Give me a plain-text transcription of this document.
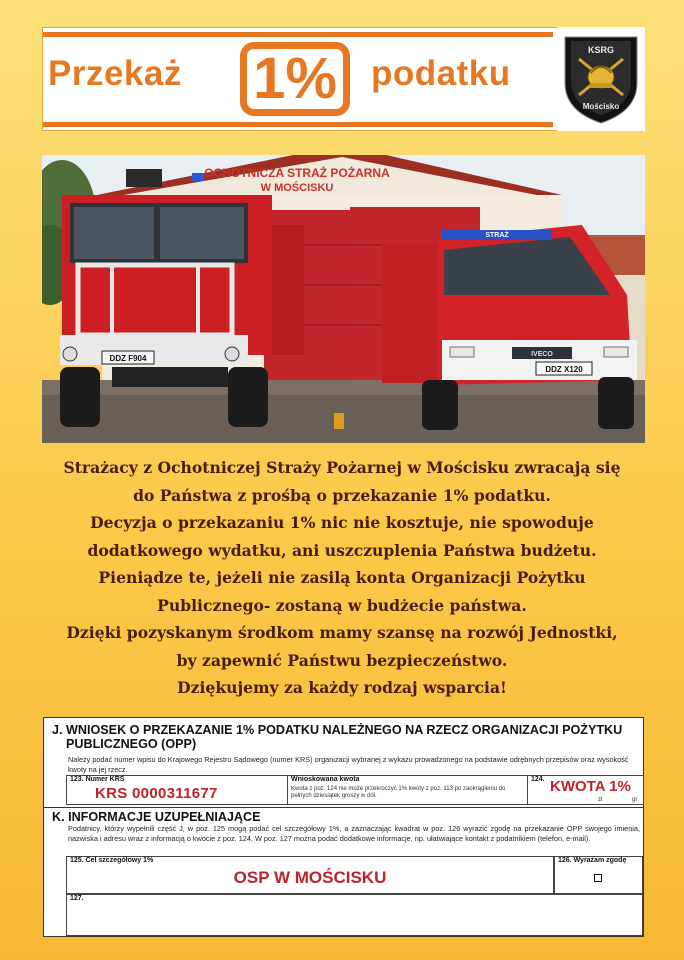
Przekaż 1% podatku
KSRG
Mościsko
OCHOTNICZA STRAŻ POŻARNA
W MOŚCISKU
DDZ F904
STRAŻ
IVECO
DDZ X120
Strażacy z Ochotniczej Straży Pożarnej w Mościsku zwracają się
do Państwa z prośbą o przekazanie 1% podatku.
Decyzja o przekazaniu 1% nic nie kosztuje, nie spowoduje
dodatkowego wydatku, ani uszczuplenia Państwa budżetu.
Pieniądze te, jeżeli nie zasilą konta Organizacji Pożytku
Publicznego- zostaną w budżecie państwa.
Dzięki pozyskanym środkom mamy szansę na rozwój Jednostki,
by zapewnić Państwu bezpieczeństwo.
Dziękujemy za każdy rodzaj wsparcia!
J. WNIOSEK O PRZEKAZANIE 1% PODATKU NALEŻNEGO NA RZECZ ORGANIZACJI POŻYTKU
PUBLICZNEGO (OPP)
Należy podać numer wpisu do Krajowego Rejestru Sądowego (numer KRS) organizacji wybranej z wykazu prowadzonego na podstawie odrębnych przepisów oraz wysokość kwoty na jej rzecz.
123. Numer KRS
KRS 0000311677
Wnioskowana kwota
Kwota z poz. 124 nie może przekroczyć 1% kwoty z poz. 113 po zaokrągleniu do pełnych dziesiątek groszy w dół.
124. KWOTA 1%
zł	gr
K. INFORMACJE UZUPEŁNIAJĄCE
Podatnicy, którzy wypełnili część J, w poz. 125 mogą podać cel szczegółowy 1%, a zaznaczając kwadrat w poz. 126 wyrazić zgodę na przekazanie OPP swojego imienia, nazwiska i adresu wraz z informacją o kwocie z poz. 124. W poz. 127 można podać dodatkowe informacje, np. ułatwiające kontakt z podatnikiem (telefon, e-mail).
125. Cel szczegółowy 1%
OSP W MOŚCISKU
126. Wyrażam zgodę
127.
